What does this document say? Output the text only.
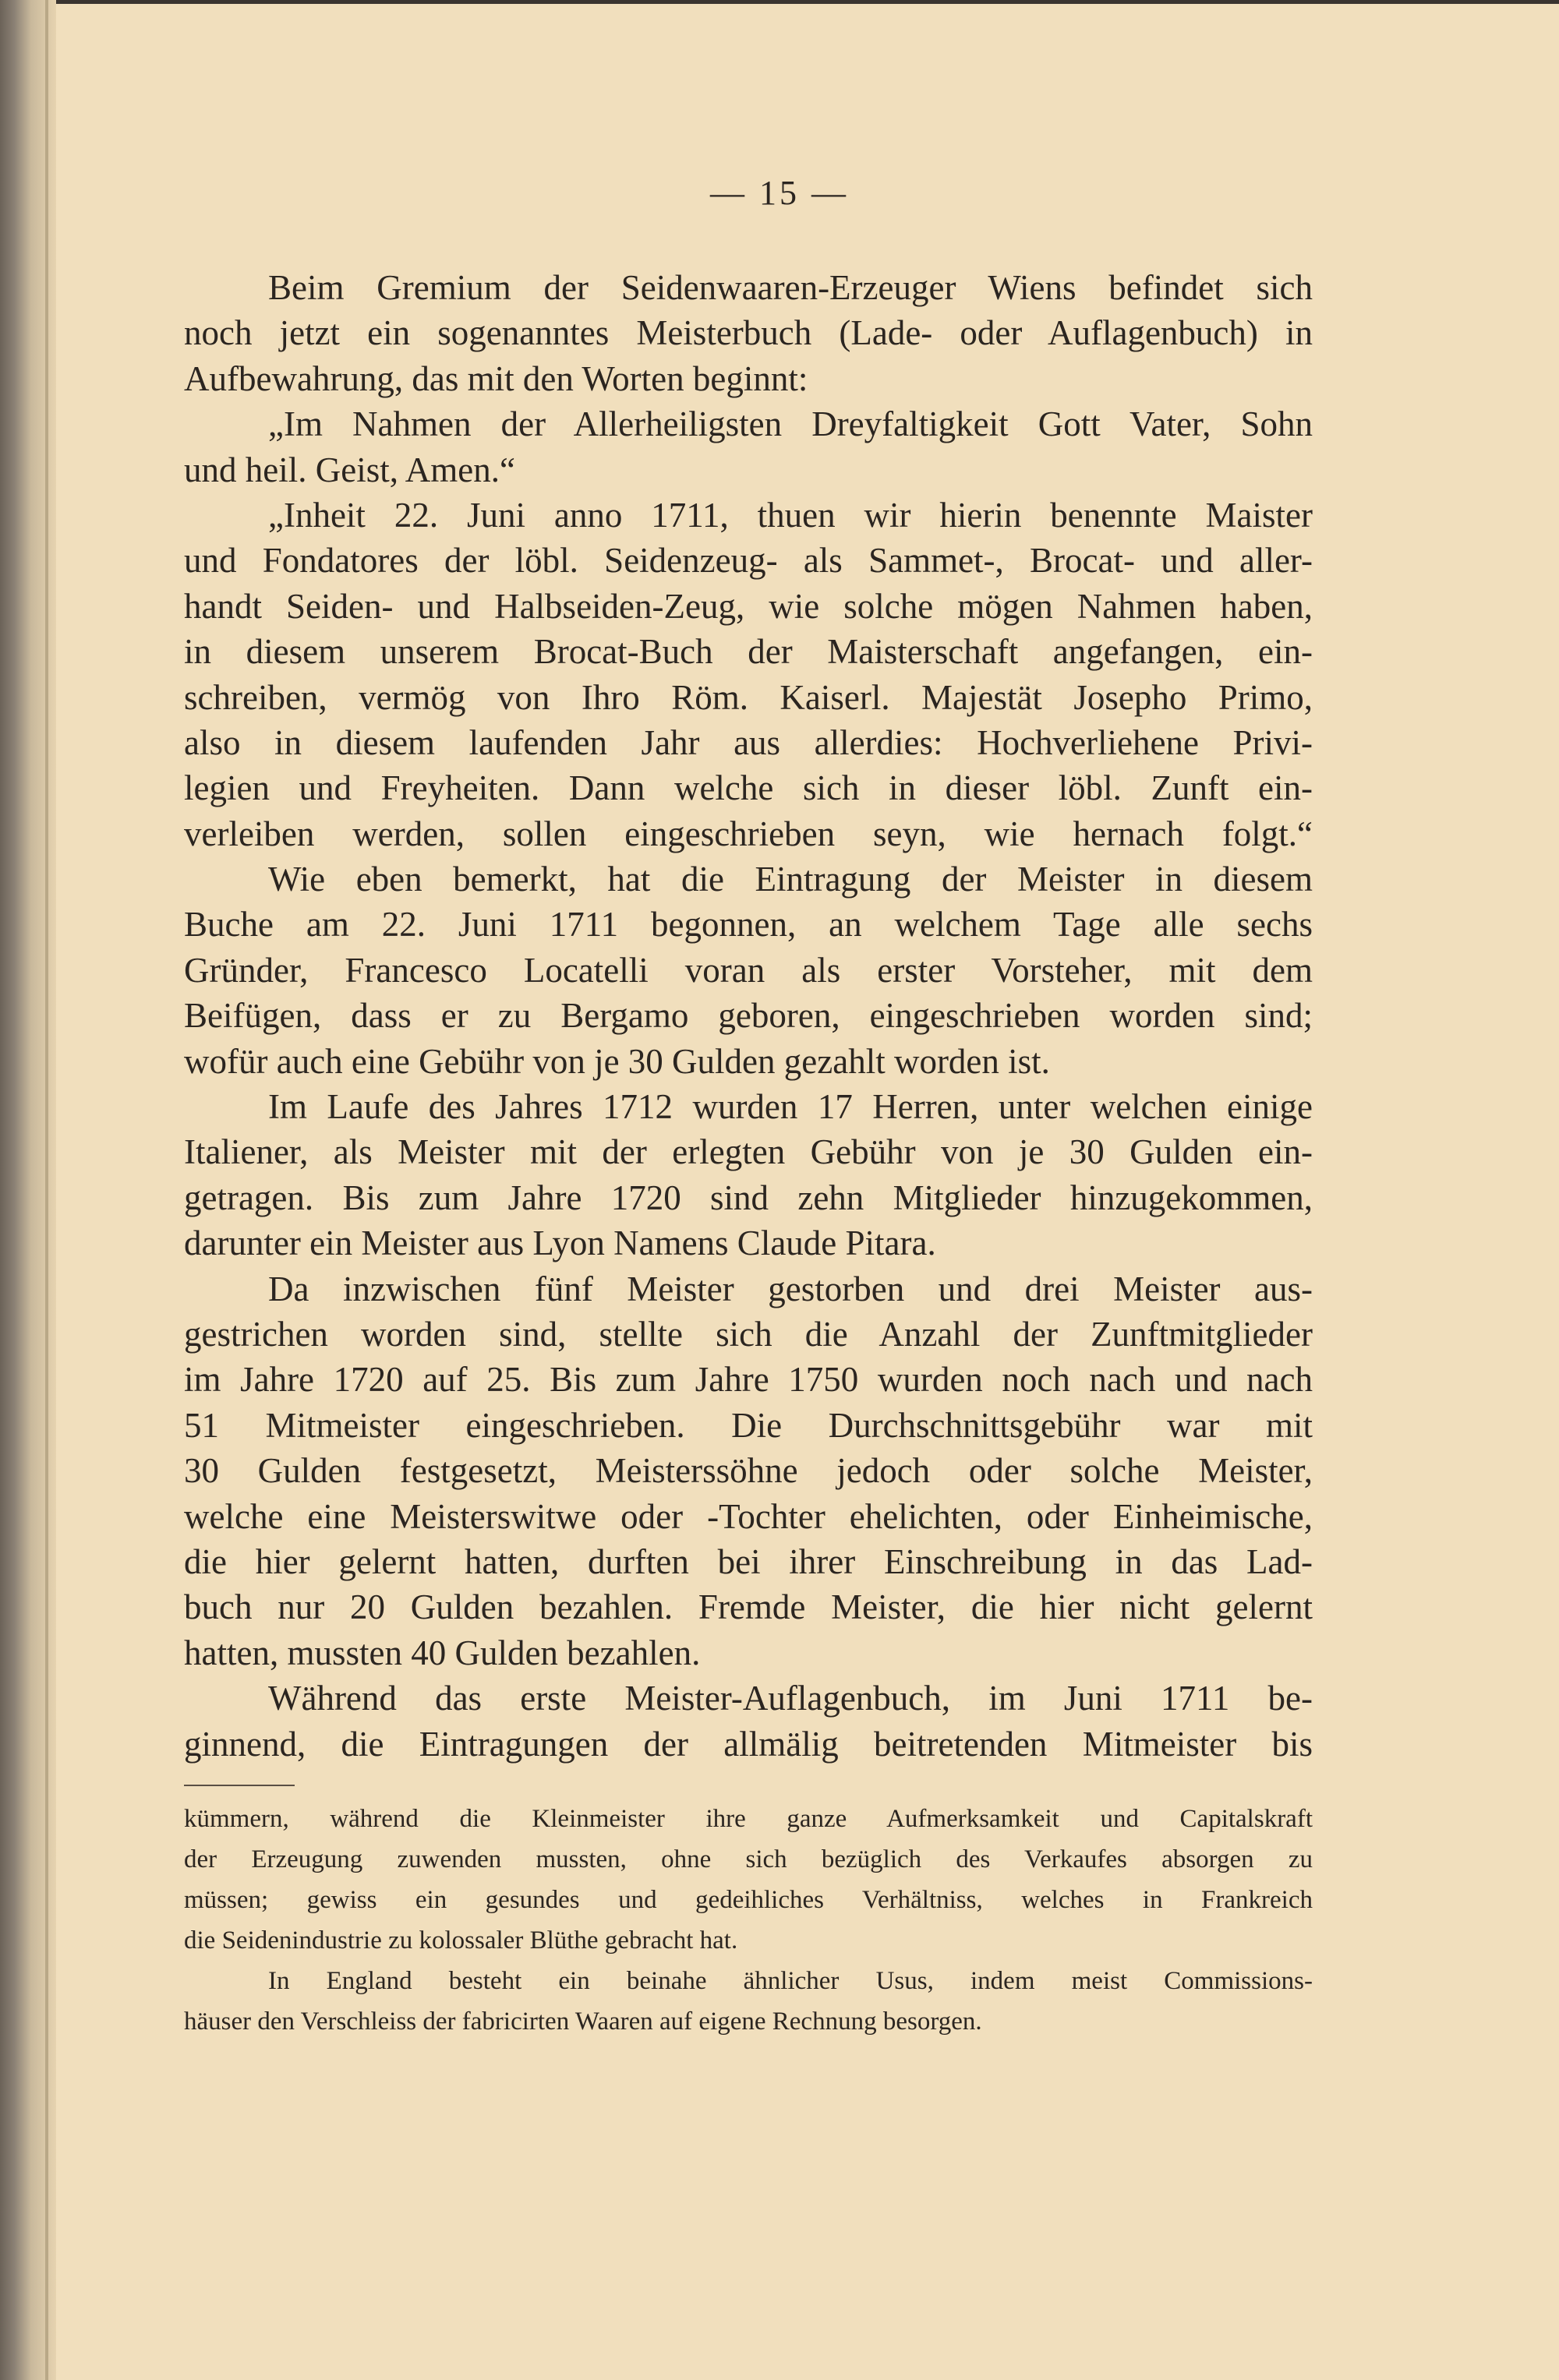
— 15 —
Beim Gremium der Seidenwaaren-Erzeuger Wiens befindet sich
noch jetzt ein sogenanntes Meisterbuch (Lade- oder Auflagenbuch) in
Aufbewahrung, das mit den Worten beginnt:
„Im Nahmen der Allerheiligsten Dreyfaltigkeit Gott Vater, Sohn
und heil. Geist, Amen.“
„Inheit 22. Juni anno 1711, thuen wir hierin benennte Maister
und Fondatores der löbl. Seidenzeug- als Sammet-, Brocat- und aller-
handt Seiden- und Halbseiden-Zeug, wie solche mögen Nahmen haben,
in diesem unserem Brocat-Buch der Maisterschaft angefangen, ein-
schreiben, vermög von Ihro Röm. Kaiserl. Majestät Josepho Primo,
also in diesem laufenden Jahr aus allerdies: Hochverliehene Privi-
legien und Freyheiten. Dann welche sich in dieser löbl. Zunft ein-
verleiben werden, sollen eingeschrieben seyn, wie hernach folgt.“
Wie eben bemerkt, hat die Eintragung der Meister in diesem
Buche am 22. Juni 1711 begonnen, an welchem Tage alle sechs
Gründer, Francesco Locatelli voran als erster Vorsteher, mit dem
Beifügen, dass er zu Bergamo geboren, eingeschrieben worden sind;
wofür auch eine Gebühr von je 30 Gulden gezahlt worden ist.
Im Laufe des Jahres 1712 wurden 17 Herren, unter welchen einige
Italiener, als Meister mit der erlegten Gebühr von je 30 Gulden ein-
getragen. Bis zum Jahre 1720 sind zehn Mitglieder hinzugekommen,
darunter ein Meister aus Lyon Namens Claude Pitara.
Da inzwischen fünf Meister gestorben und drei Meister aus-
gestrichen worden sind, stellte sich die Anzahl der Zunftmitglieder
im Jahre 1720 auf 25. Bis zum Jahre 1750 wurden noch nach und nach
51 Mitmeister eingeschrieben. Die Durchschnittsgebühr war mit
30 Gulden festgesetzt, Meisterssöhne jedoch oder solche Meister,
welche eine Meisterswitwe oder -Tochter ehelichten, oder Einheimische,
die hier gelernt hatten, durften bei ihrer Einschreibung in das Lad-
buch nur 20 Gulden bezahlen. Fremde Meister, die hier nicht gelernt
hatten, mussten 40 Gulden bezahlen.
Während das erste Meister-Auflagenbuch, im Juni 1711 be-
ginnend, die Eintragungen der allmälig beitretenden Mitmeister bis
kümmern, während die Kleinmeister ihre ganze Aufmerksamkeit und Capitalskraft
der Erzeugung zuwenden mussten, ohne sich bezüglich des Verkaufes absorgen zu
müssen; gewiss ein gesundes und gedeihliches Verhältniss, welches in Frankreich
die Seidenindustrie zu kolossaler Blüthe gebracht hat.
In England besteht ein beinahe ähnlicher Usus, indem meist Commissions-
häuser den Verschleiss der fabricirten Waaren auf eigene Rechnung besorgen.
